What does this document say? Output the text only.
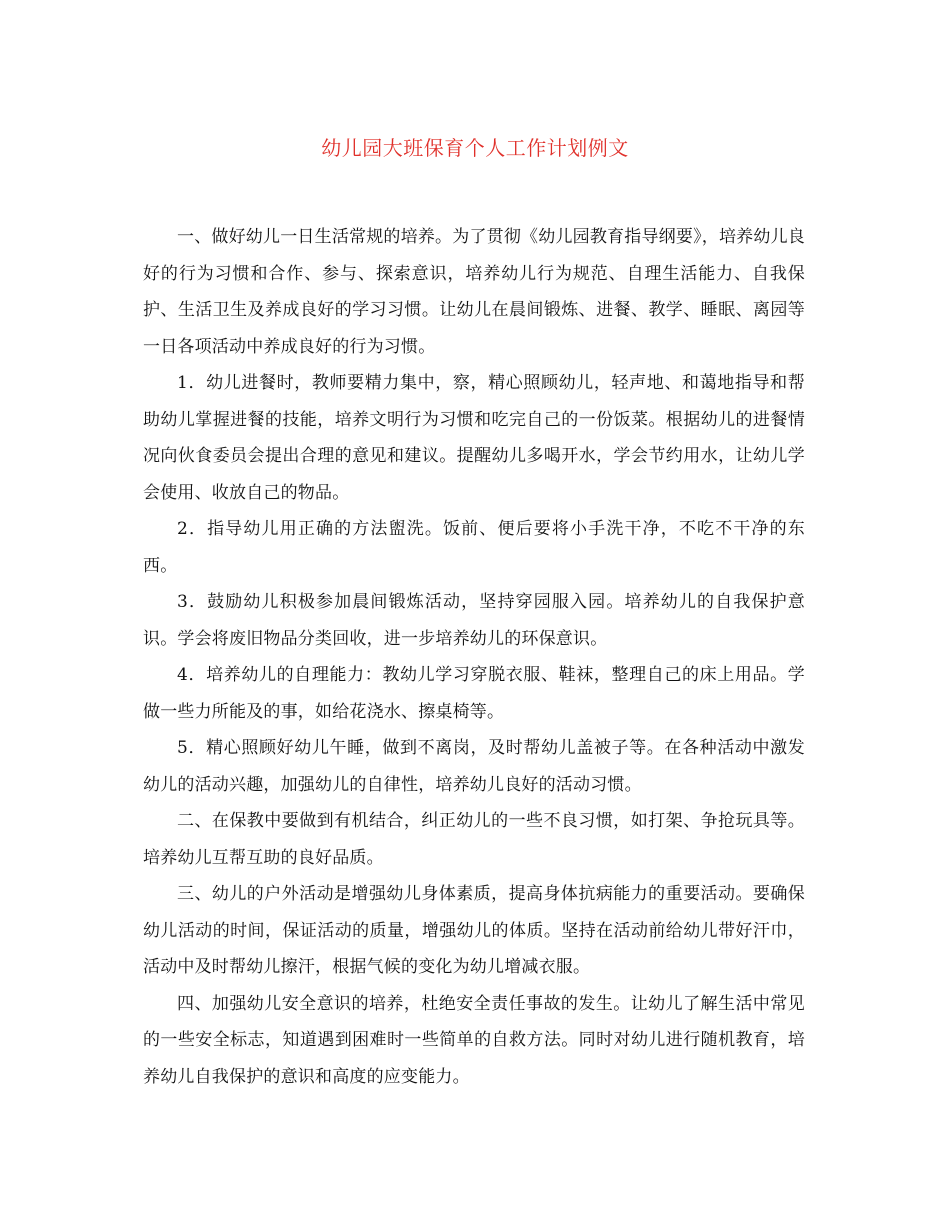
幼儿园大班保育个人工作计划例文

一、做好幼儿一日生活常规的培养。为了贯彻《幼儿园教育指导纲要》，培养幼儿良好的行为习惯和合作、参与、探索意识，培养幼儿行为规范、自理生活能力、自我保护、生活卫生及养成良好的学习习惯。让幼儿在晨间锻炼、进餐、教学、睡眠、离园等一日各项活动中养成良好的行为习惯。

1．幼儿进餐时，教师要精力集中，察，精心照顾幼儿，轻声地、和蔼地指导和帮助幼儿掌握进餐的技能，培养文明行为习惯和吃完自己的一份饭菜。根据幼儿的进餐情况向伙食委员会提出合理的意见和建议。提醒幼儿多喝开水，学会节约用水，让幼儿学会使用、收放自己的物品。

2．指导幼儿用正确的方法盥洗。饭前、便后要将小手洗干净，不吃不干净的东西。

3．鼓励幼儿积极参加晨间锻炼活动，坚持穿园服入园。培养幼儿的自我保护意识。学会将废旧物品分类回收，进一步培养幼儿的环保意识。

4．培养幼儿的自理能力：教幼儿学习穿脱衣服、鞋袜，整理自己的床上用品。学做一些力所能及的事，如给花浇水、擦桌椅等。

5．精心照顾好幼儿午睡，做到不离岗，及时帮幼儿盖被子等。在各种活动中激发幼儿的活动兴趣，加强幼儿的自律性，培养幼儿良好的活动习惯。

二、在保教中要做到有机结合，纠正幼儿的一些不良习惯，如打架、争抢玩具等。培养幼儿互帮互助的良好品质。

三、幼儿的户外活动是增强幼儿身体素质，提高身体抗病能力的重要活动。要确保幼儿活动的时间，保证活动的质量，增强幼儿的体质。坚持在活动前给幼儿带好汗巾，活动中及时帮幼儿擦汗，根据气候的变化为幼儿增减衣服。

四、加强幼儿安全意识的培养，杜绝安全责任事故的发生。让幼儿了解生活中常见的一些安全标志，知道遇到困难时一些简单的自救方法。同时对幼儿进行随机教育，培养幼儿自我保护的意识和高度的应变能力。
